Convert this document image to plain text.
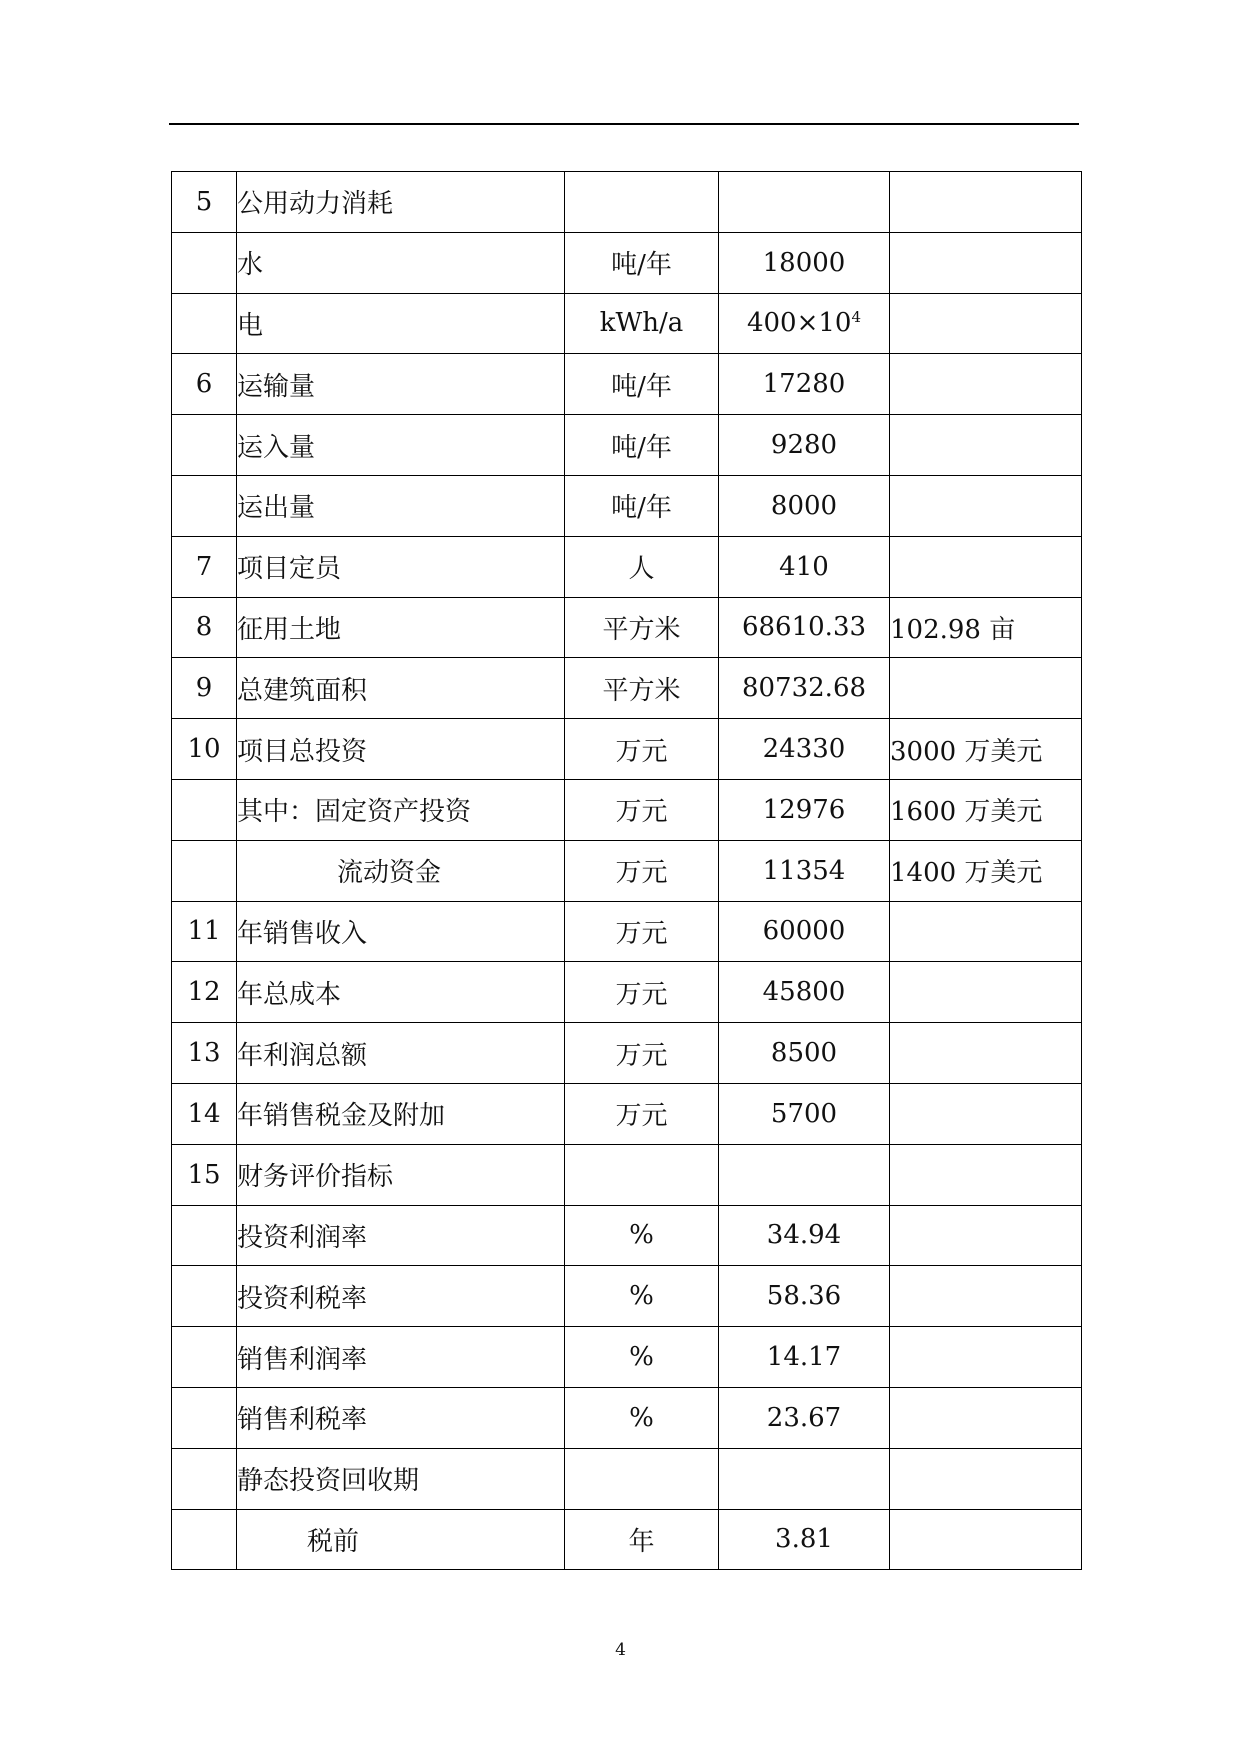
5	公用动力消耗			
	水	吨/年	18000	
	电	kWh/a	$400\times 10^4$	
6	运输量	吨/年	17280	
	运入量	吨/年	9280	
	运出量	吨/年	8000	
7	项目定员	人	410	
8	征用土地	平方米	68610.33	102.98 亩
9	总建筑面积	平方米	80732.68	
10	项目总投资	万元	24330	3000 万美元
	其中：固定资产投资	万元	12976	1600 万美元
	流动资金	万元	11354	1400 万美元
11	年销售收入	万元	60000	
12	年总成本	万元	45800	
13	年利润总额	万元	8500	
14	年销售税金及附加	万元	5700	
15	财务评价指标			
	投资利润率	%	34.94	
	投资利税率	%	58.36	
	销售利润率	%	14.17	
	销售利税率	%	23.67	
	静态投资回收期			
	税前	年	3.81	
4
